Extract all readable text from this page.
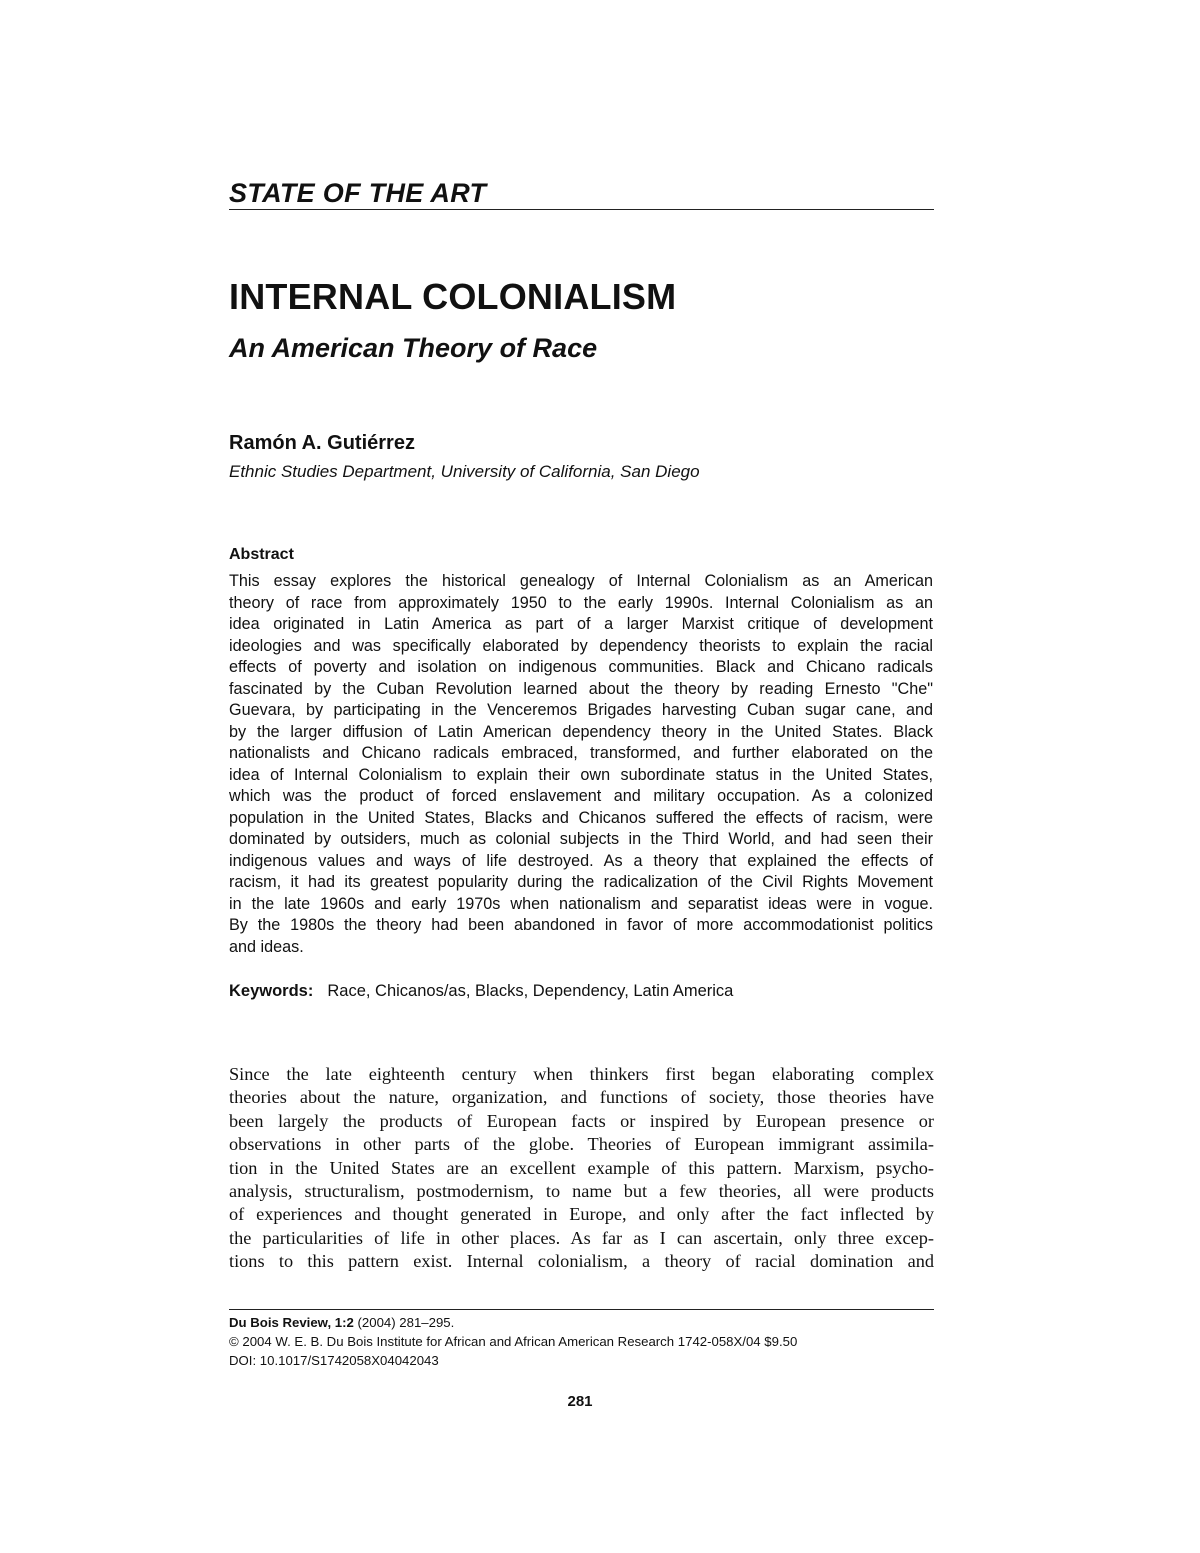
STATE OF THE ART
INTERNAL COLONIALISM
An American Theory of Race
Ramón A. Gutiérrez
Ethnic Studies Department, University of California, San Diego
Abstract
This essay explores the historical genealogy of Internal Colonialism as an American
theory of race from approximately 1950 to the early 1990s. Internal Colonialism as an
idea originated in Latin America as part of a larger Marxist critique of development
ideologies and was specifically elaborated by dependency theorists to explain the racial
effects of poverty and isolation on indigenous communities. Black and Chicano radicals
fascinated by the Cuban Revolution learned about the theory by reading Ernesto "Che"
Guevara, by participating in the Venceremos Brigades harvesting Cuban sugar cane, and
by the larger diffusion of Latin American dependency theory in the United States. Black
nationalists and Chicano radicals embraced, transformed, and further elaborated on the
idea of Internal Colonialism to explain their own subordinate status in the United States,
which was the product of forced enslavement and military occupation. As a colonized
population in the United States, Blacks and Chicanos suffered the effects of racism, were
dominated by outsiders, much as colonial subjects in the Third World, and had seen their
indigenous values and ways of life destroyed. As a theory that explained the effects of
racism, it had its greatest popularity during the radicalization of the Civil Rights Movement
in the late 1960s and early 1970s when nationalism and separatist ideas were in vogue.
By the 1980s the theory had been abandoned in favor of more accommodationist politics
and ideas.
Keywords: Race, Chicanos/as, Blacks, Dependency, Latin America
Since the late eighteenth century when thinkers first began elaborating complex
theories about the nature, organization, and functions of society, those theories have
been largely the products of European facts or inspired by European presence or
observations in other parts of the globe. Theories of European immigrant assimila-
tion in the United States are an excellent example of this pattern. Marxism, psycho-
analysis, structuralism, postmodernism, to name but a few theories, all were products
of experiences and thought generated in Europe, and only after the fact inflected by
the particularities of life in other places. As far as I can ascertain, only three excep-
tions to this pattern exist. Internal colonialism, a theory of racial domination and
Du Bois Review, 1:2 (2004) 281–295.
© 2004 W. E. B. Du Bois Institute for African and African American Research 1742-058X/04 $9.50
DOI: 10.1017/S1742058X04042043
281
